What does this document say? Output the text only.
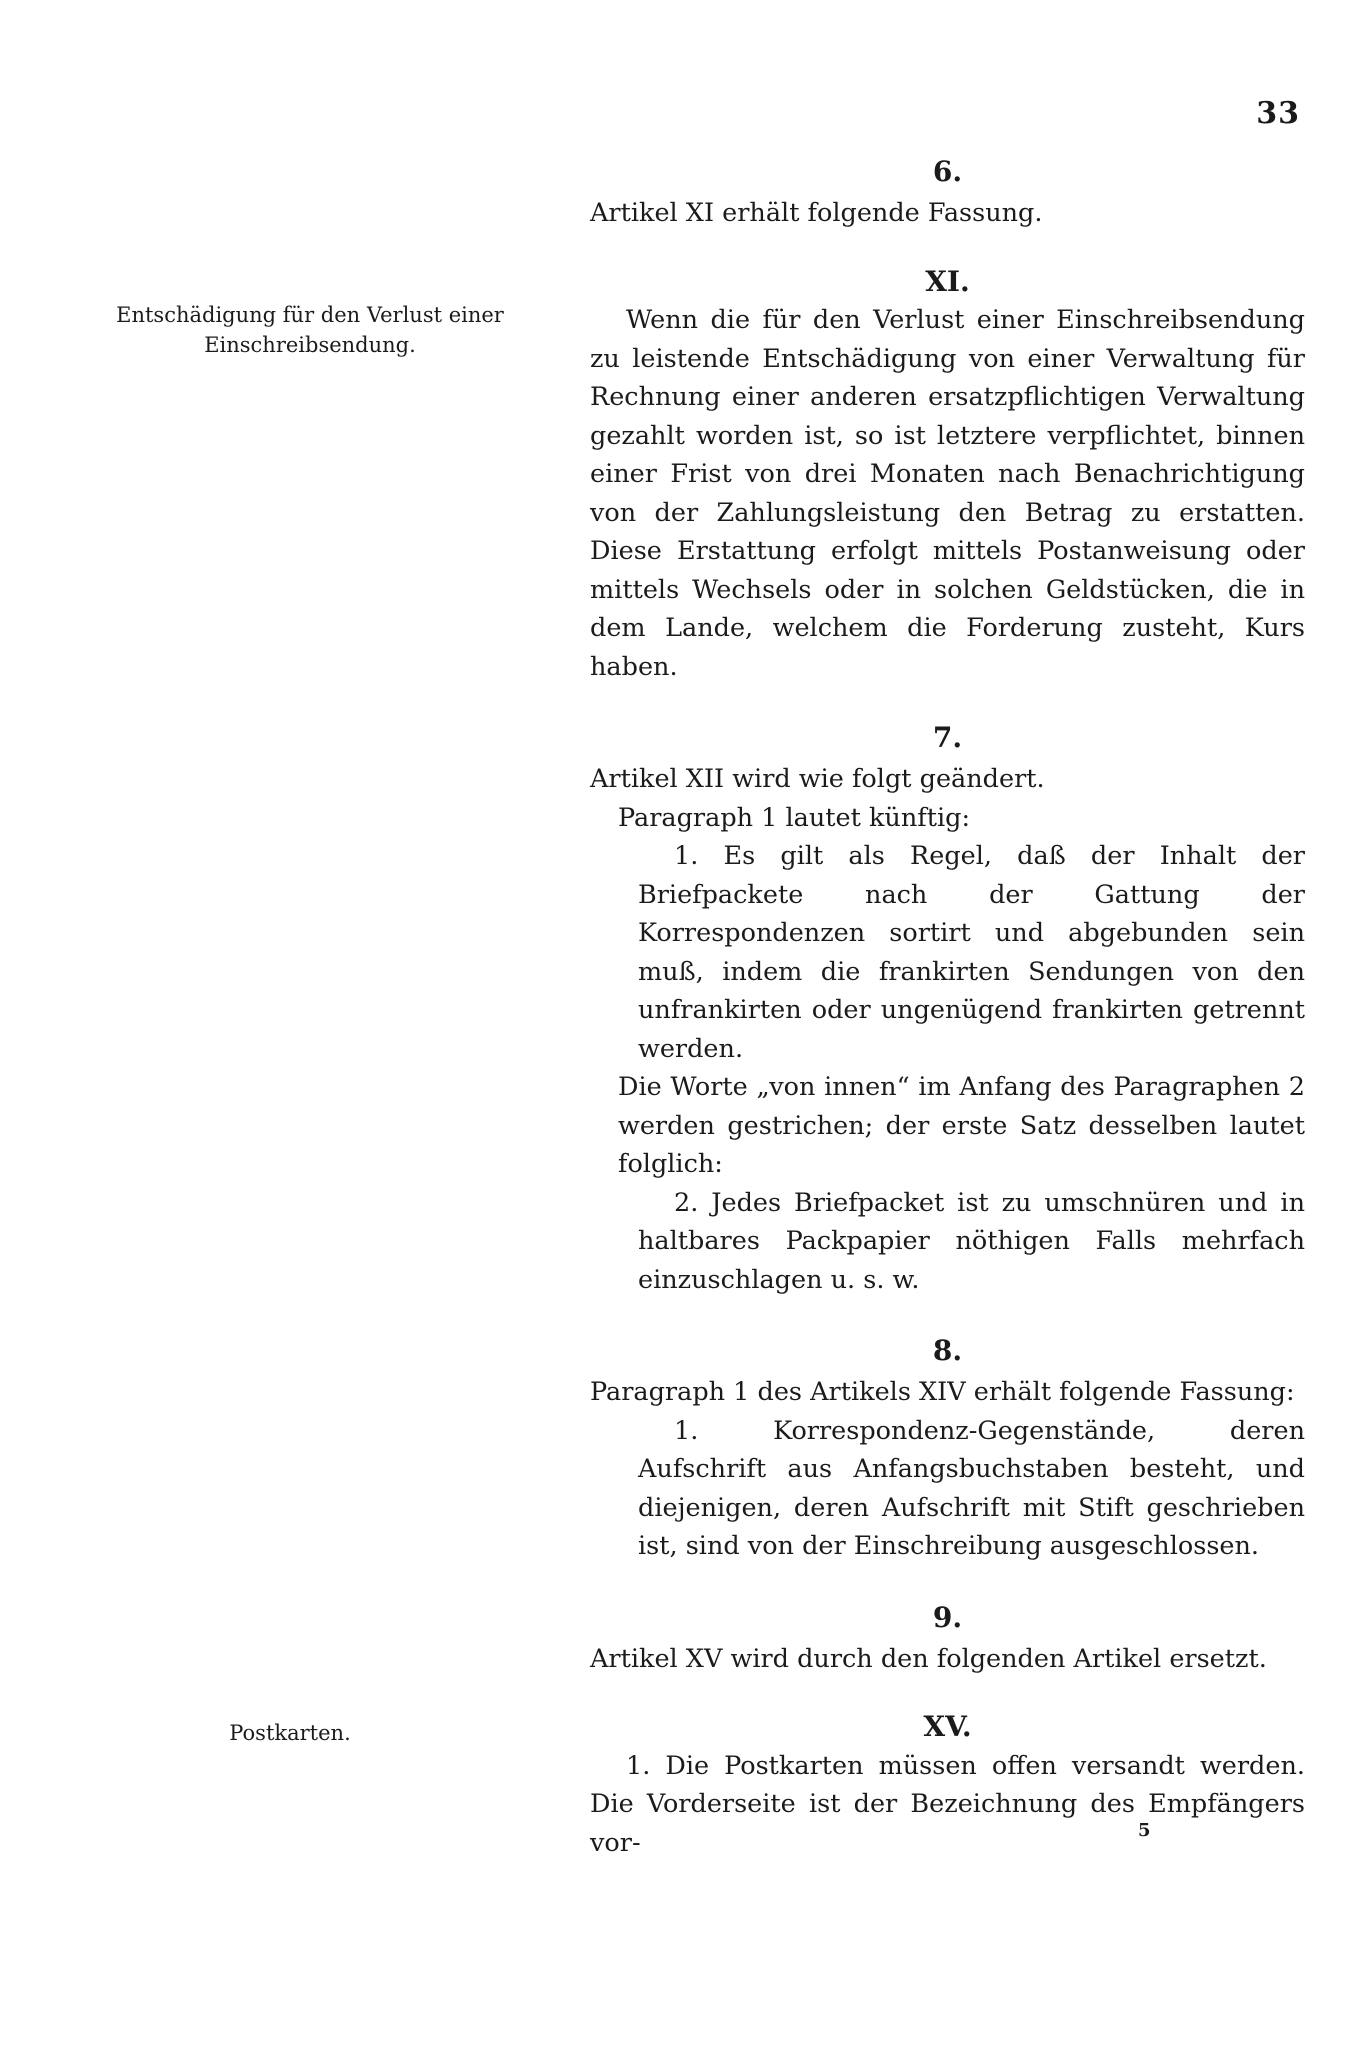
33
Entschädigung für den Verlust einer Einschreibsendung.
Postkarten.
6.

Artikel XI erhält folgende Fassung.

XI.

Wenn die für den Verlust einer Einschreibsendung zu leistende Entschädigung von einer Verwaltung für Rechnung einer anderen ersatzpflichtigen Verwaltung gezahlt worden ist, so ist letztere verpflichtet, binnen einer Frist von drei Monaten nach Benachrichtigung von der Zahlungsleistung den Betrag zu erstatten. Diese Erstattung erfolgt mittels Postanweisung oder mittels Wechsels oder in solchen Geldstücken, die in dem Lande, welchem die Forderung zusteht, Kurs haben.

7.

Artikel XII wird wie folgt geändert.

Paragraph 1 lautet künftig:

1. Es gilt als Regel, daß der Inhalt der Briefpackete nach der Gattung der Korrespondenzen sortirt und abgebunden sein muß, indem die frankirten Sendungen von den unfrankirten oder ungenügend frankirten getrennt werden.

Die Worte „von innen“ im Anfang des Paragraphen 2 werden gestrichen; der erste Satz desselben lautet folglich:

2. Jedes Briefpacket ist zu umschnüren und in haltbares Packpapier nöthigen Falls mehrfach einzuschlagen u. s. w.

8.

Paragraph 1 des Artikels XIV erhält folgende Fassung:

1. Korrespondenz-Gegenstände, deren Aufschrift aus Anfangsbuchstaben besteht, und diejenigen, deren Aufschrift mit Stift geschrieben ist, sind von der Einschreibung ausgeschlossen.

9.

Artikel XV wird durch den folgenden Artikel ersetzt.

XV.

1. Die Postkarten müssen offen versandt werden. Die Vorderseite ist der Bezeichnung des Empfängers vor-	5
